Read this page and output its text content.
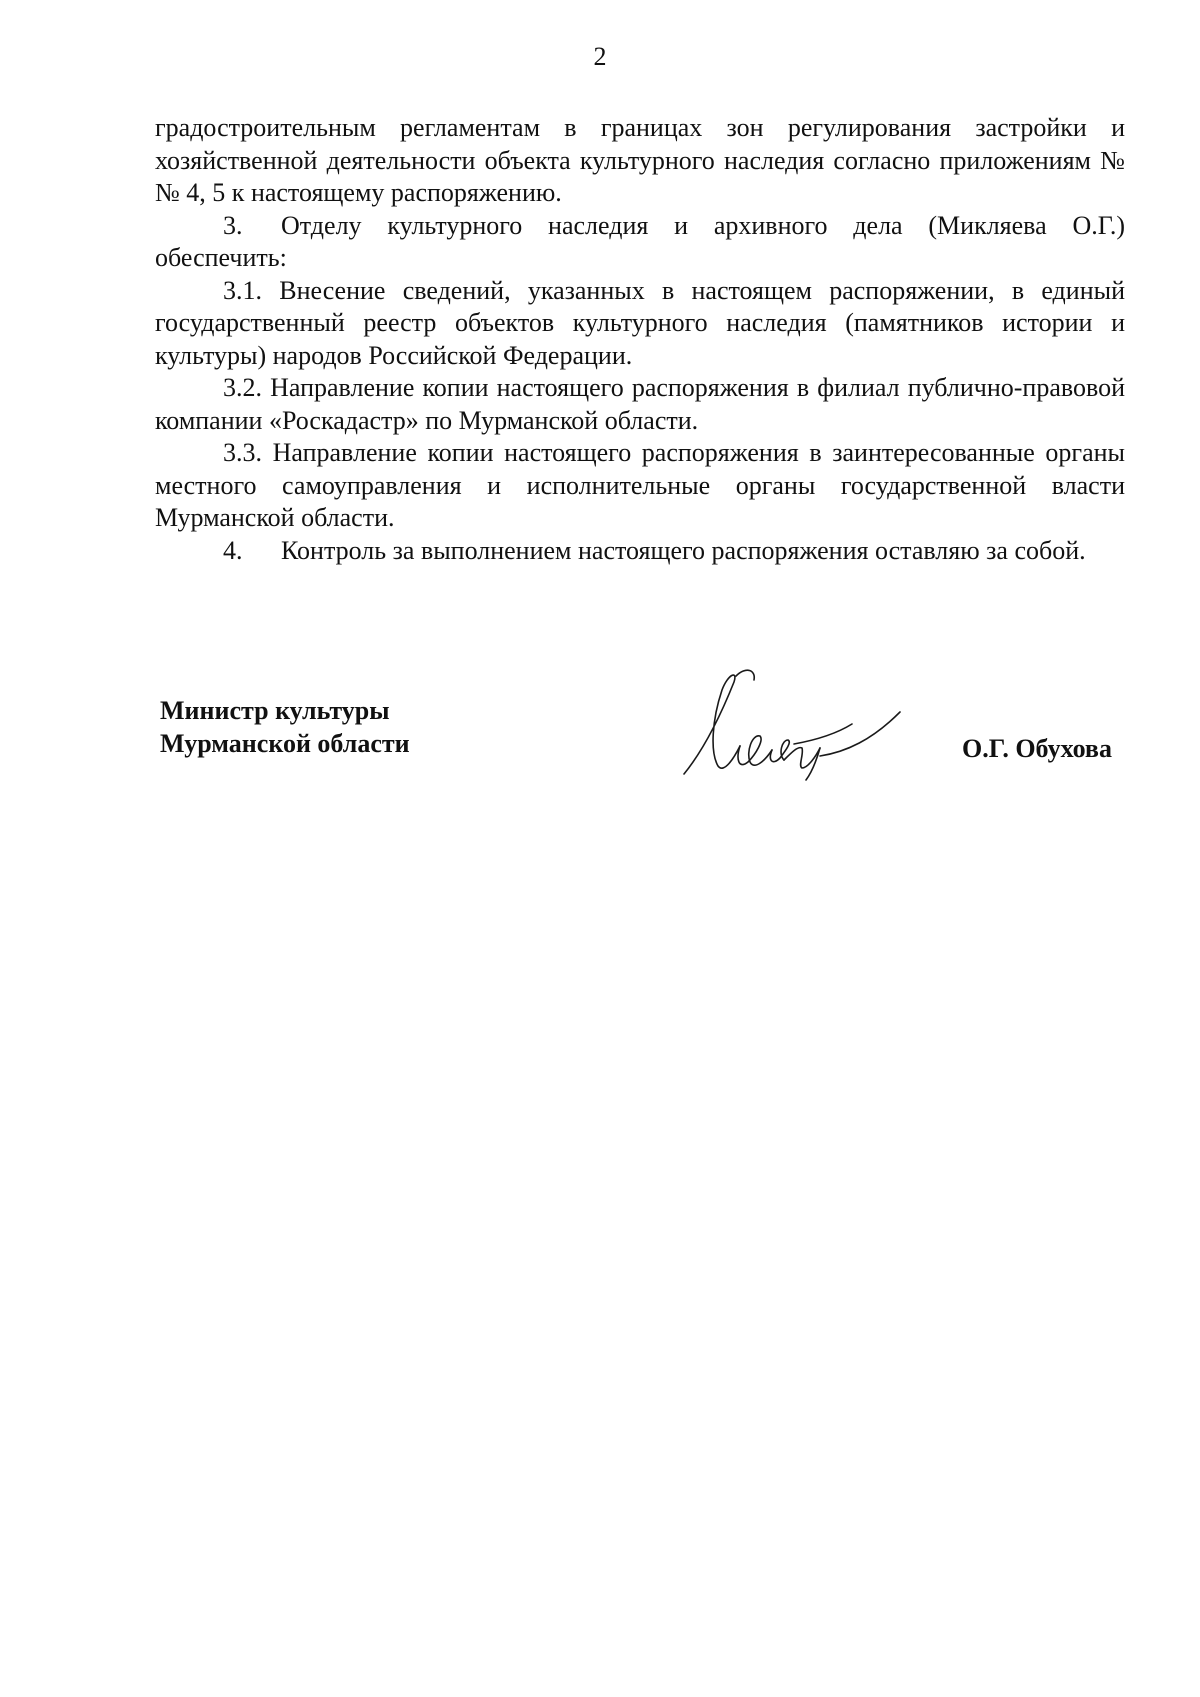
2

градостроительным регламентам в границах зон регулирования застройки и хозяйственной деятельности объекта культурного наследия согласно приложениям №№ 4, 5 к настоящему распоряжению.

3. Отделу культурного наследия и архивного дела (Микляева О.Г.) обеспечить:

3.1. Внесение сведений, указанных в настоящем распоряжении, в единый государственный реестр объектов культурного наследия (памятников истории и культуры) народов Российской Федерации.

3.2. Направление копии настоящего распоряжения в филиал публично-правовой компании «Роскадастр» по Мурманской области.

3.3. Направление копии настоящего распоряжения в заинтересованные органы местного самоуправления и исполнительные органы государственной власти Мурманской области.

4. Контроль за выполнением настоящего распоряжения оставляю за собой.

Министр культуры
Мурманской области	О.Г. Обухова
